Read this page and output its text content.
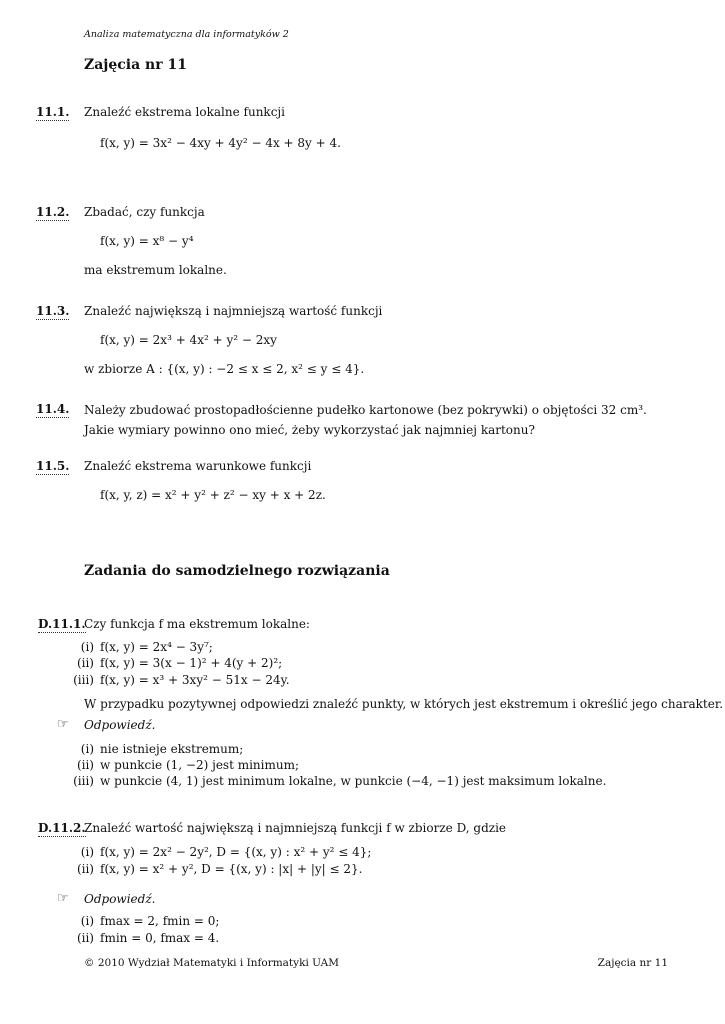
Analiza matematyczna dla informatyków 2
Zajęcia nr 11
11.1. Znaleźć ekstrema lokalne funkcji
f(x, y) = 3x² − 4xy + 4y² − 4x + 8y + 4.
11.2. Zbadać, czy funkcja
f(x, y) = x⁸ − y⁴
ma ekstremum lokalne.
11.3. Znaleźć największą i najmniejszą wartość funkcji
f(x, y) = 2x³ + 4x² + y² − 2xy
w zbiorze A : {(x, y) : −2 ≤ x ≤ 2, x² ≤ y ≤ 4}.
11.4. Należy zbudować prostopadłościenne pudełko kartonowe (bez pokrywki) o objętości 32 cm³. Jakie wymiary powinno ono mieć, żeby wykorzystać jak najmniej kartonu?
11.5. Znaleźć ekstrema warunkowe funkcji
f(x, y, z) = x² + y² + z² − xy + x + 2z.
Zadania do samodzielnego rozwiązania
D.11.1.
Czy funkcja f ma ekstremum lokalne:
(i) f(x, y) = 2x⁴ − 3y⁷;
(ii) f(x, y) = 3(x − 1)² + 4(y + 2)²;
(iii) f(x, y) = x³ + 3xy² − 51x − 24y.
W przypadku pozytywnej odpowiedzi znaleźć punkty, w których jest ekstremum i określić jego charakter.
☞ Odpowiedź.
(i) nie istnieje ekstremum;
(ii) w punkcie (1, −2) jest minimum;
(iii) w punkcie (4, 1) jest minimum lokalne, w punkcie (−4, −1) jest maksimum lokalne.
D.11.2.
Znaleźć wartość największą i najmniejszą funkcji f w zbiorze D, gdzie
(i) f(x, y) = 2x² − 2y², D = {(x, y) : x² + y² ≤ 4};
(ii) f(x, y) = x² + y², D = {(x, y) : |x| + |y| ≤ 2}.
☞ Odpowiedź.
(i) fmax = 2, fmin = 0;
(ii) fmin = 0, fmax = 4.
© 2010 Wydział Matematyki i Informatyki UAM	Zajęcia nr 11
